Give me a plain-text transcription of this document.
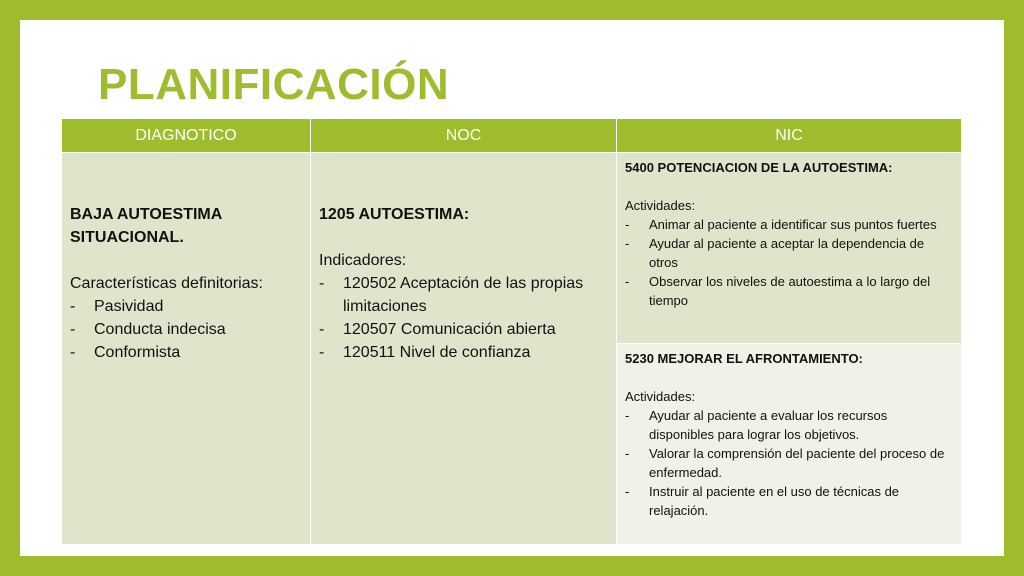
PLANIFICACIÓN
DIAGNOTICO	NOC	NIC
BAJA AUTOESTIMA
SITUACIONAL.
Características definitorias:
- Pasividad
- Conducta indecisa
- Conformista
1205 AUTOESTIMA:
Indicadores:
- 120502 Aceptación de las propias limitaciones
- 120507 Comunicación abierta
- 120511 Nivel de confianza
5400 POTENCIACION DE LA AUTOESTIMA:
Actividades:
- Animar al paciente a identificar sus puntos fuertes
- Ayudar al paciente a aceptar la dependencia de otros
- Observar los niveles de autoestima a lo largo del tiempo
5230 MEJORAR EL AFRONTAMIENTO:
Actividades:
- Ayudar al paciente a evaluar los recursos disponibles para lograr los objetivos.
- Valorar la comprensión del paciente del proceso de enfermedad.
- Instruir al paciente en el uso de técnicas de relajación.
